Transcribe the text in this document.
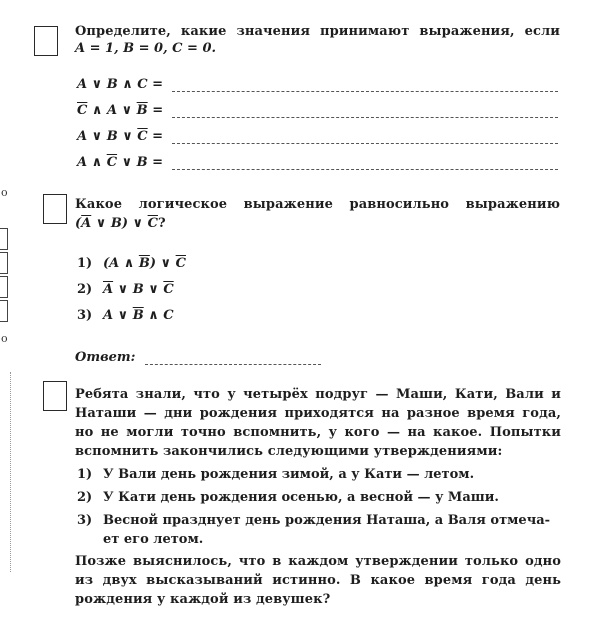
о
о
Определите, какие значения принимают выражения, если
A = 1, B = 0, C = 0.
A ∨ B ∧ C =
$\overline{C}$ ∧ A ∨ $\overline{B}$ =
A ∨ B ∨ $\overline{C}$ =
A ∧ $\overline{C}$ ∨ B =
Какое логическое выражение равносильно выражению
($\overline{A}$ ∨ B) ∨ $\overline{C}$?
1) (A ∧ $\overline{B}$) ∨ $\overline{C}$
2) $\overline{A}$ ∨ B ∨ $\overline{C}$
3) A ∨ $\overline{B}$ ∧ C
Ответ:
Ребята знали, что у четырёх подруг — Маши, Кати, Вали и Наташи — дни рождения приходятся на разное время года, но не могли точно вспомнить, у кого — на какое. Попытки вспомнить закончились следующими утверждениями:
1) У Вали день рождения зимой, а у Кати — летом.
2) У Кати день рождения осенью, а весной — у Маши.
3) Весной празднует день рождения Наташа, а Валя отмеча-
ет его летом.
Позже выяснилось, что в каждом утверждении только одно из двух высказываний истинно. В какое время года день рождения у каждой из девушек?
